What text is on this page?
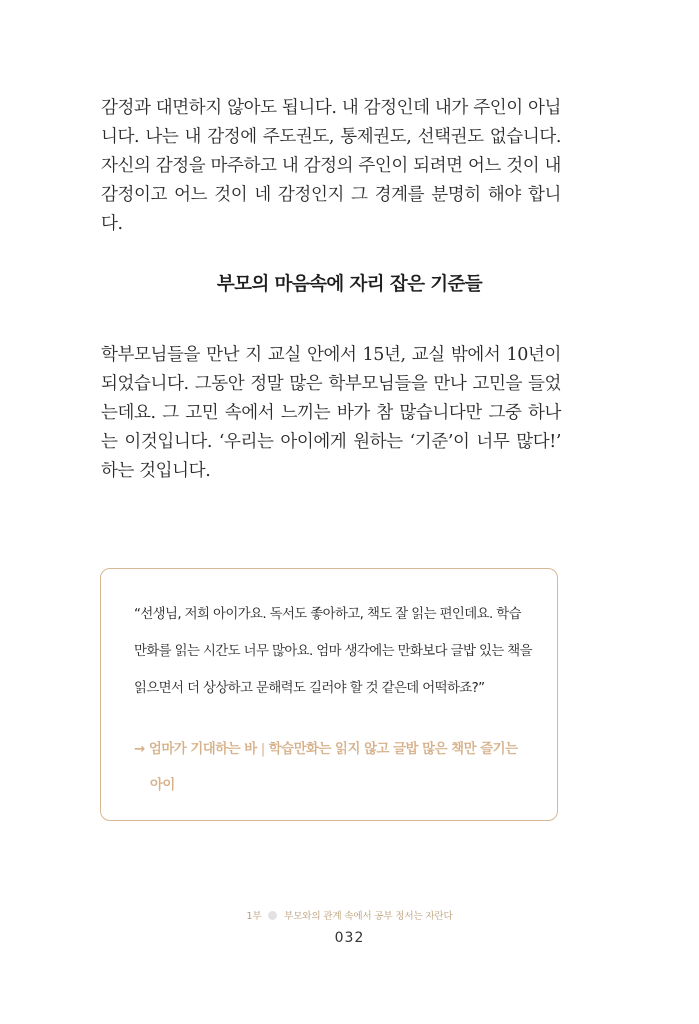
감정과 대면하지 않아도 됩니다. 내 감정인데 내가 주인이 아닙니다. 나는 내 감정에 주도권도, 통제권도, 선택권도 없습니다. 자신의 감정을 마주하고 내 감정의 주인이 되려면 어느 것이 내 감정이고 어느 것이 네 감정인지 그 경계를 분명히 해야 합니다.

부모의 마음속에 자리 잡은 기준들

학부모님들을 만난 지 교실 안에서 15년, 교실 밖에서 10년이 되었습니다. 그동안 정말 많은 학부모님들을 만나 고민을 들었는데요. 그 고민 속에서 느끼는 바가 참 많습니다만 그중 하나는 이것입니다. ‘우리는 아이에게 원하는 ‘기준’이 너무 많다!’ 하는 것입니다.

“선생님, 저희 아이가요. 독서도 좋아하고, 책도 잘 읽는 편인데요. 학습만화를 읽는 시간도 너무 많아요. 엄마 생각에는 만화보다 글밥 있는 책을 읽으면서 더 상상하고 문해력도 길러야 할 것 같은데 어떡하죠?”

→ 엄마가 기대하는 바 | 학습만화는 읽지 않고 글밥 많은 책만 즐기는
아이

1부 부모와의 관계 속에서 공부 정서는 자란다
032
